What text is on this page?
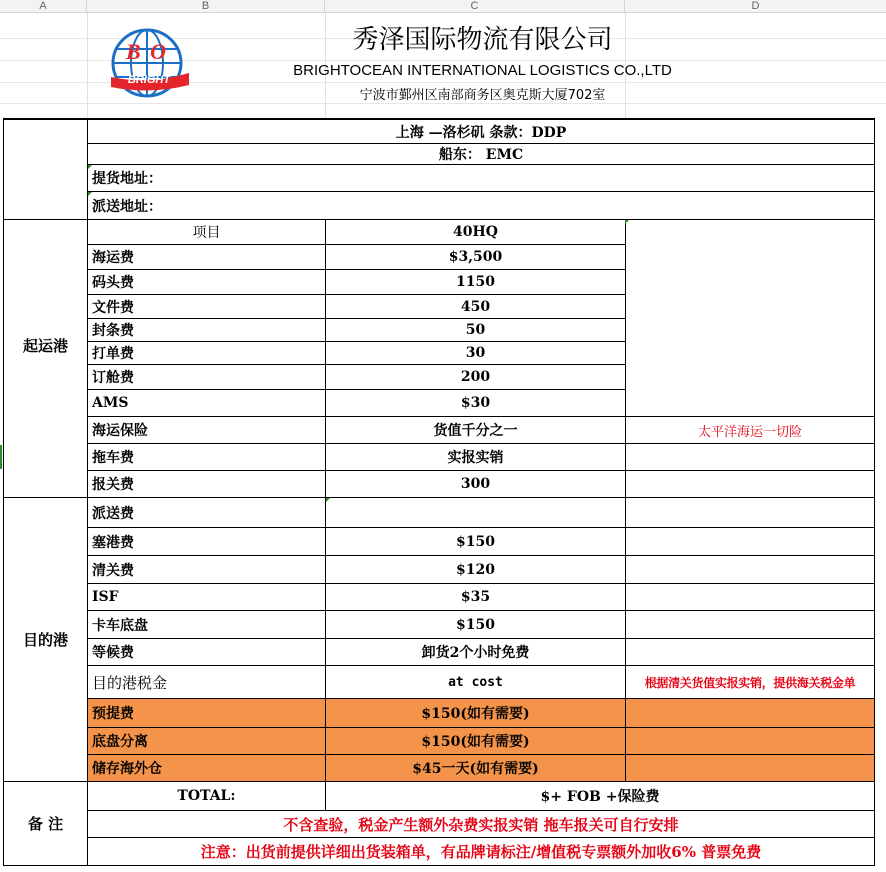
A	B	C	D
B O
BRIGHT
秀泽国际物流有限公司
BRIGHTOCEAN INTERNATIONAL LOGISTICS CO.,LTD
宁波市鄞州区南部商务区奥克斯大厦702室
上海 —洛杉矶 条款：DDP
船东： EMC
提货地址：
派送地址：
起运港
项目	40HQ
海运费	$3,500
码头费	1150
文件费	450
封条费	50
打单费	30
订舱费	200
AMS	$30
海运保险	货值千分之一	太平洋海运一切险
拖车费	实报实销
报关费	300
目的港
派送费
塞港费	$150
清关费	$120
ISF	$35
卡车底盘	$150
等候费	卸货2个小时免费
目的港税金	at cost	根据清关货值实报实销，提供海关税金单
预提费	$150(如有需要)
底盘分离	$150(如有需要)
储存海外仓	$45一天(如有需要)
备 注
TOTAL:	$+ FOB +保险费
不含查验，税金产生额外杂费实报实销 拖车报关可自行安排
注意：出货前提供详细出货装箱单，有品牌请标注/增值税专票额外加收6% 普票免费
